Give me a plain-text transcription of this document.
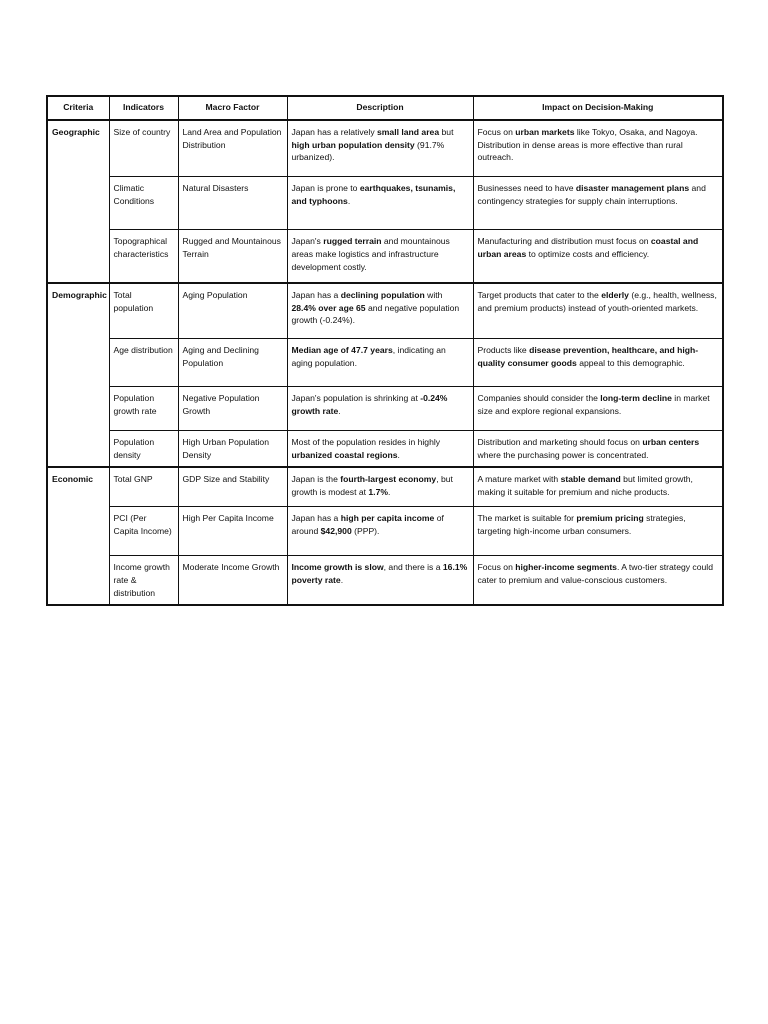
Criteria	Indicators	Macro Factor	Description	Impact on Decision-Making
Geographic	Size of country	Land Area and Population Distribution	Japan has a relatively small land area but high urban population density (91.7% urbanized).	Focus on urban markets like Tokyo, Osaka, and Nagoya. Distribution in dense areas is more effective than rural outreach.
	Climatic Conditions	Natural Disasters	Japan is prone to earthquakes, tsunamis, and typhoons.	Businesses need to have disaster management plans and contingency strategies for supply chain interruptions.
	Topographical characteristics	Rugged and Mountainous Terrain	Japan's rugged terrain and mountainous areas make logistics and infrastructure development costly.	Manufacturing and distribution must focus on coastal and urban areas to optimize costs and efficiency.
Demographic	Total population	Aging Population	Japan has a declining population with 28.4% over age 65 and negative population growth (-0.24%).	Target products that cater to the elderly (e.g., health, wellness, and premium products) instead of youth-oriented markets.
	Age distribution	Aging and Declining Population	Median age of 47.7 years, indicating an aging population.	Products like disease prevention, healthcare, and high-quality consumer goods appeal to this demographic.
	Population growth rate	Negative Population Growth	Japan's population is shrinking at -0.24% growth rate.	Companies should consider the long-term decline in market size and explore regional expansions.
	Population density	High Urban Population Density	Most of the population resides in highly urbanized coastal regions.	Distribution and marketing should focus on urban centers where the purchasing power is concentrated.
Economic	Total GNP	GDP Size and Stability	Japan is the fourth-largest economy, but growth is modest at 1.7%.	A mature market with stable demand but limited growth, making it suitable for premium and niche products.
	PCI (Per Capita Income)	High Per Capita Income	Japan has a high per capita income of around $42,900 (PPP).	The market is suitable for premium pricing strategies, targeting high-income urban consumers.
	Income growth rate & distribution	Moderate Income Growth	Income growth is slow, and there is a 16.1% poverty rate.	Focus on higher-income segments. A two-tier strategy could cater to premium and value-conscious customers.
